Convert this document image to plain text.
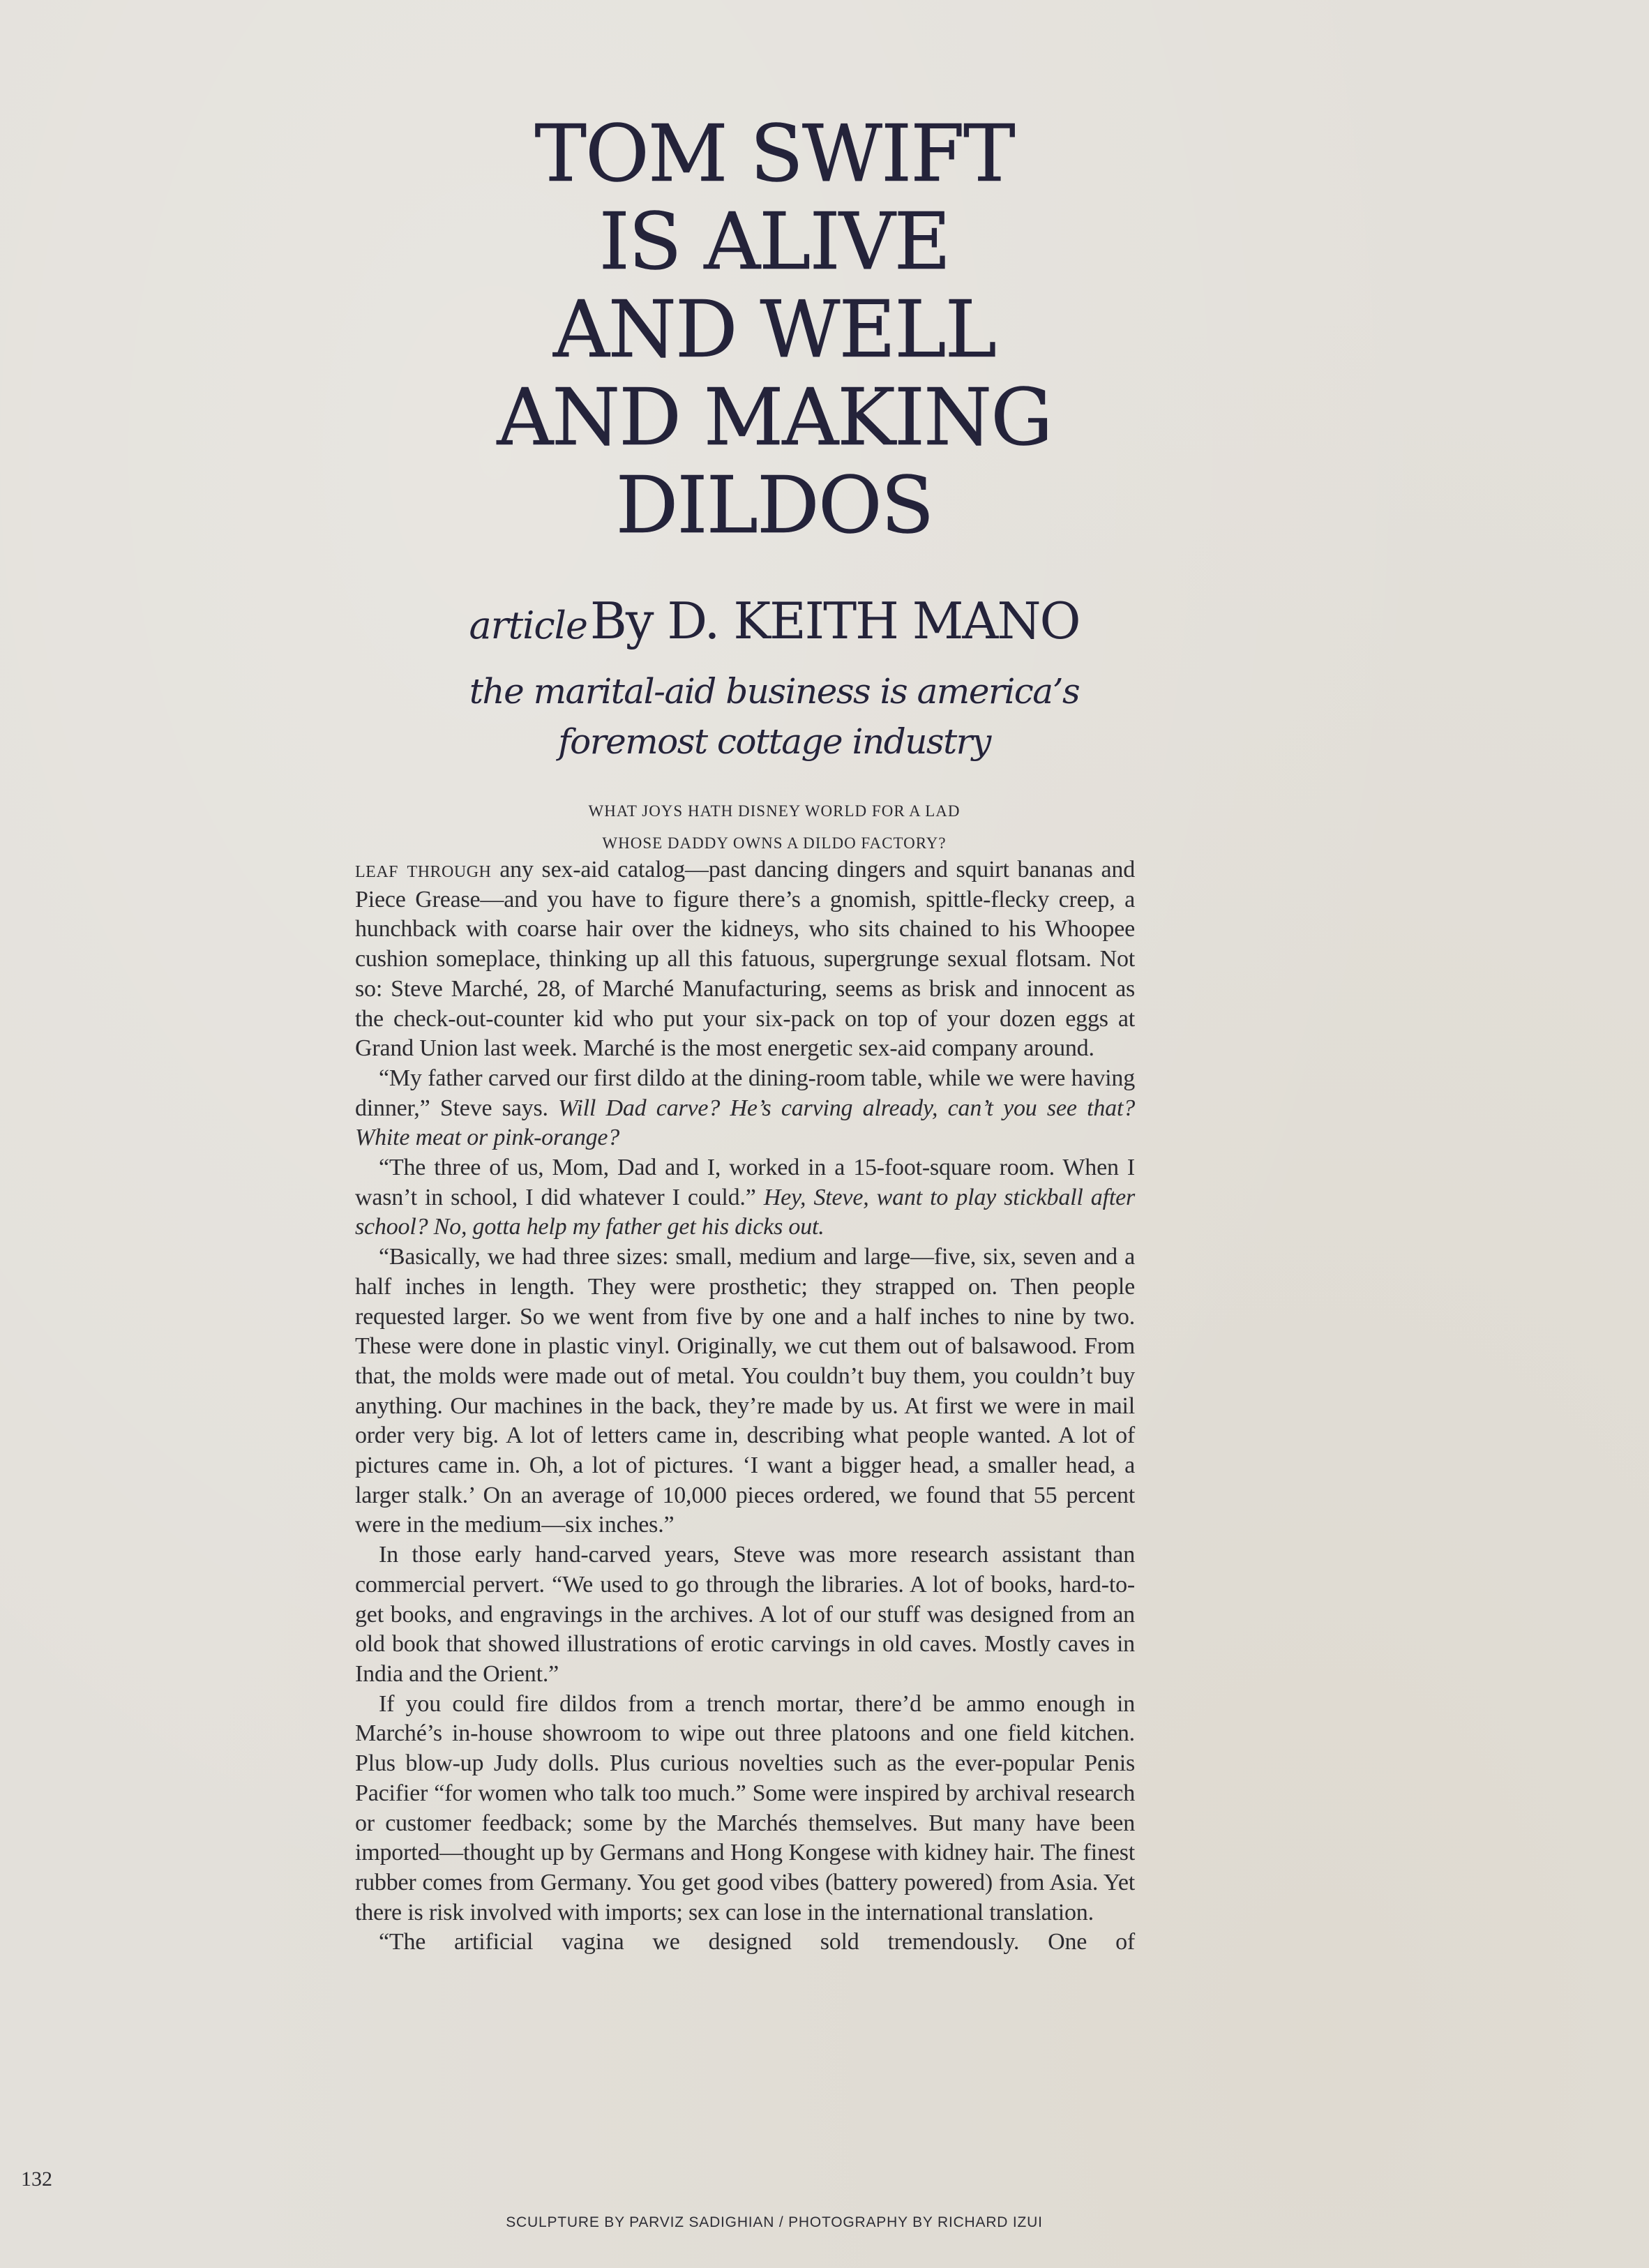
TOM SWIFT
IS ALIVE
AND WELL
AND MAKING
DILDOS
article By D. KEITH MANO
the marital-aid business is america’s
foremost cottage industry
WHAT JOYS HATH DISNEY WORLD FOR A LAD
WHOSE DADDY OWNS A DILDO FACTORY?

leaf through any sex-aid catalog—past dancing dingers and squirt bananas and Piece Grease—and you have to figure there’s a gnomish, spittle-flecky creep, a hunchback with coarse hair over the kidneys, who sits chained to his Whoopee cushion someplace, thinking up all this fatuous, supergrunge sexual flotsam. Not so: Steve Marché, 28, of Marché Manufacturing, seems as brisk and innocent as the check-out-counter kid who put your six-pack on top of your dozen eggs at Grand Union last week. Marché is the most energetic sex-aid company around.

“My father carved our first dildo at the dining-room table, while we were having dinner,” Steve says. Will Dad carve? He’s carving already, can’t you see that? White meat or pink-orange?

“The three of us, Mom, Dad and I, worked in a 15-foot-square room. When I wasn’t in school, I did whatever I could.” Hey, Steve, want to play stickball after school? No, gotta help my father get his dicks out.

“Basically, we had three sizes: small, medium and large—five, six, seven and a half inches in length. They were prosthetic; they strapped on. Then people requested larger. So we went from five by one and a half inches to nine by two. These were done in plastic vinyl. Originally, we cut them out of balsawood. From that, the molds were made out of metal. You couldn’t buy them, you couldn’t buy anything. Our machines in the back, they’re made by us. At first we were in mail order very big. A lot of letters came in, describing what people wanted. A lot of pictures came in. Oh, a lot of pictures. ‘I want a bigger head, a smaller head, a larger stalk.’ On an average of 10,000 pieces ordered, we found that 55 percent were in the medium—six inches.”

In those early hand-carved years, Steve was more research assistant than commercial pervert. “We used to go through the libraries. A lot of books, hard-to-get books, and engravings in the archives. A lot of our stuff was designed from an old book that showed illustrations of erotic carvings in old caves. Mostly caves in India and the Orient.”

If you could fire dildos from a trench mortar, there’d be ammo enough in Marché’s in-house showroom to wipe out three platoons and one field kitchen. Plus blow-up Judy dolls. Plus curious novelties such as the ever-popular Penis Pacifier “for women who talk too much.” Some were inspired by archival research or customer feedback; some by the Marchés themselves. But many have been imported—thought up by Germans and Hong Kongese with kidney hair. The finest rubber comes from Germany. You get good vibes (battery powered) from Asia. Yet there is risk involved with imports; sex can lose in the international translation.

“The artificial vagina we designed sold tremendously. One of

132
SCULPTURE BY PARVIZ SADIGHIAN / PHOTOGRAPHY BY RICHARD IZUI
